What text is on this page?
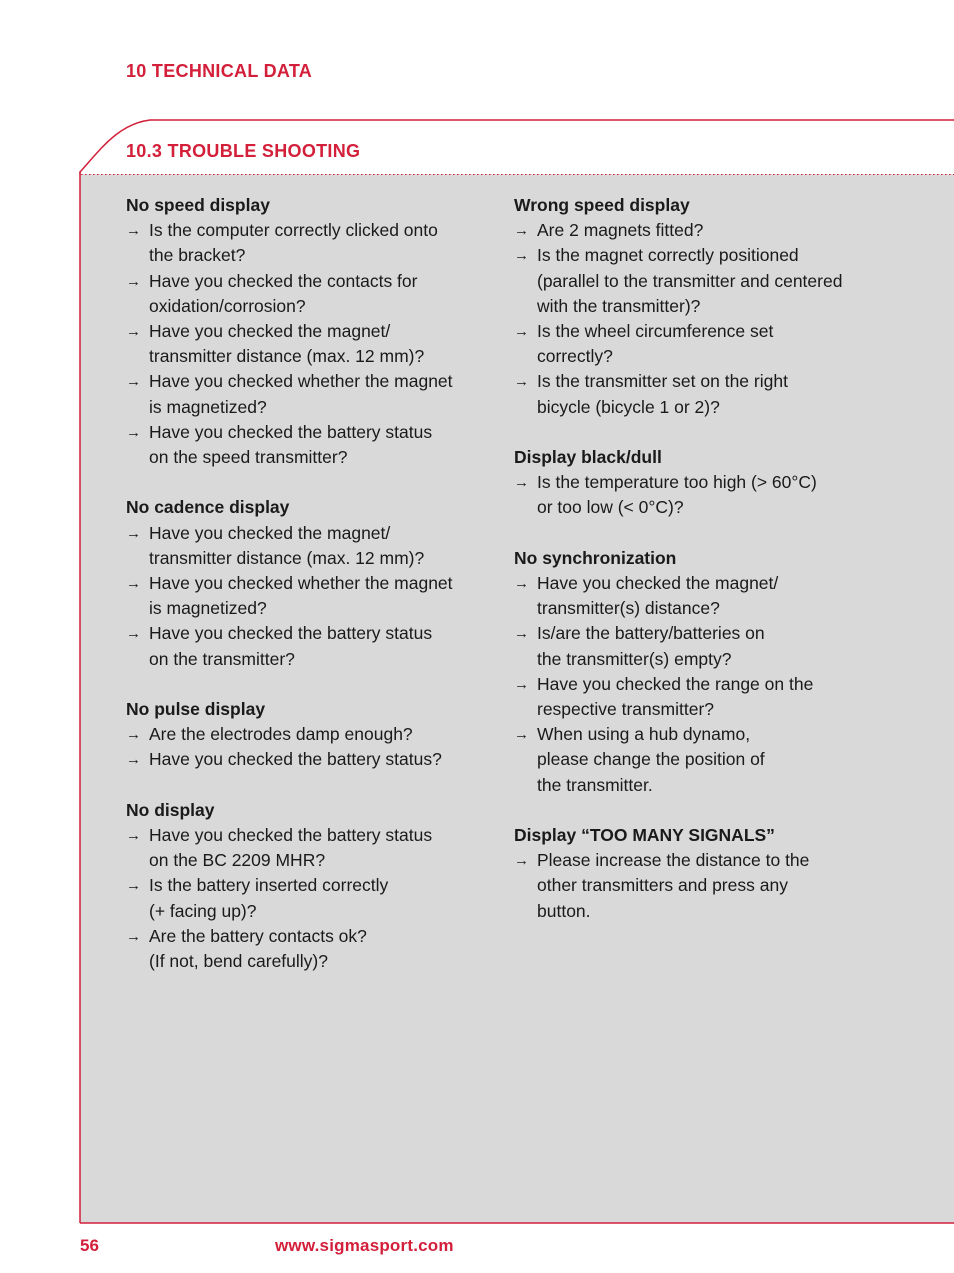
10 TECHNICAL DATA
10.3 TROUBLE SHOOTING
No speed display
→ Is the computer correctly clicked onto
the bracket?
→ Have you checked the contacts for
oxidation/corrosion?
→ Have you checked the magnet/
transmitter distance (max. 12 mm)?
→ Have you checked whether the magnet
is magnetized?
→ Have you checked the battery status
on the speed transmitter?
No cadence display
→ Have you checked the magnet/
transmitter distance (max. 12 mm)?
→ Have you checked whether the magnet
is magnetized?
→ Have you checked the battery status
on the transmitter?
No pulse display
→ Are the electrodes damp enough?
→ Have you checked the battery status?
No display
→ Have you checked the battery status
on the BC 2209 MHR?
→ Is the battery inserted correctly
(+ facing up)?
→ Are the battery contacts ok?
(If not, bend carefully)?
Wrong speed display
→ Are 2 magnets fitted?
→ Is the magnet correctly positioned
(parallel to the transmitter and centered
with the transmitter)?
→ Is the wheel circumference set
correctly?
→ Is the transmitter set on the right
bicycle (bicycle 1 or 2)?
Display black/dull
→ Is the temperature too high (> 60°C)
or too low (< 0°C)?
No synchronization
→ Have you checked the magnet/
transmitter(s) distance?
→ Is/are the battery/batteries on
the transmitter(s) empty?
→ Have you checked the range on the
respective transmitter?
→ When using a hub dynamo,
please change the position of
the transmitter.
Display “TOO MANY SIGNALS”
→ Please increase the distance to the
other transmitters and press any
button.
56	www.sigmasport.com
